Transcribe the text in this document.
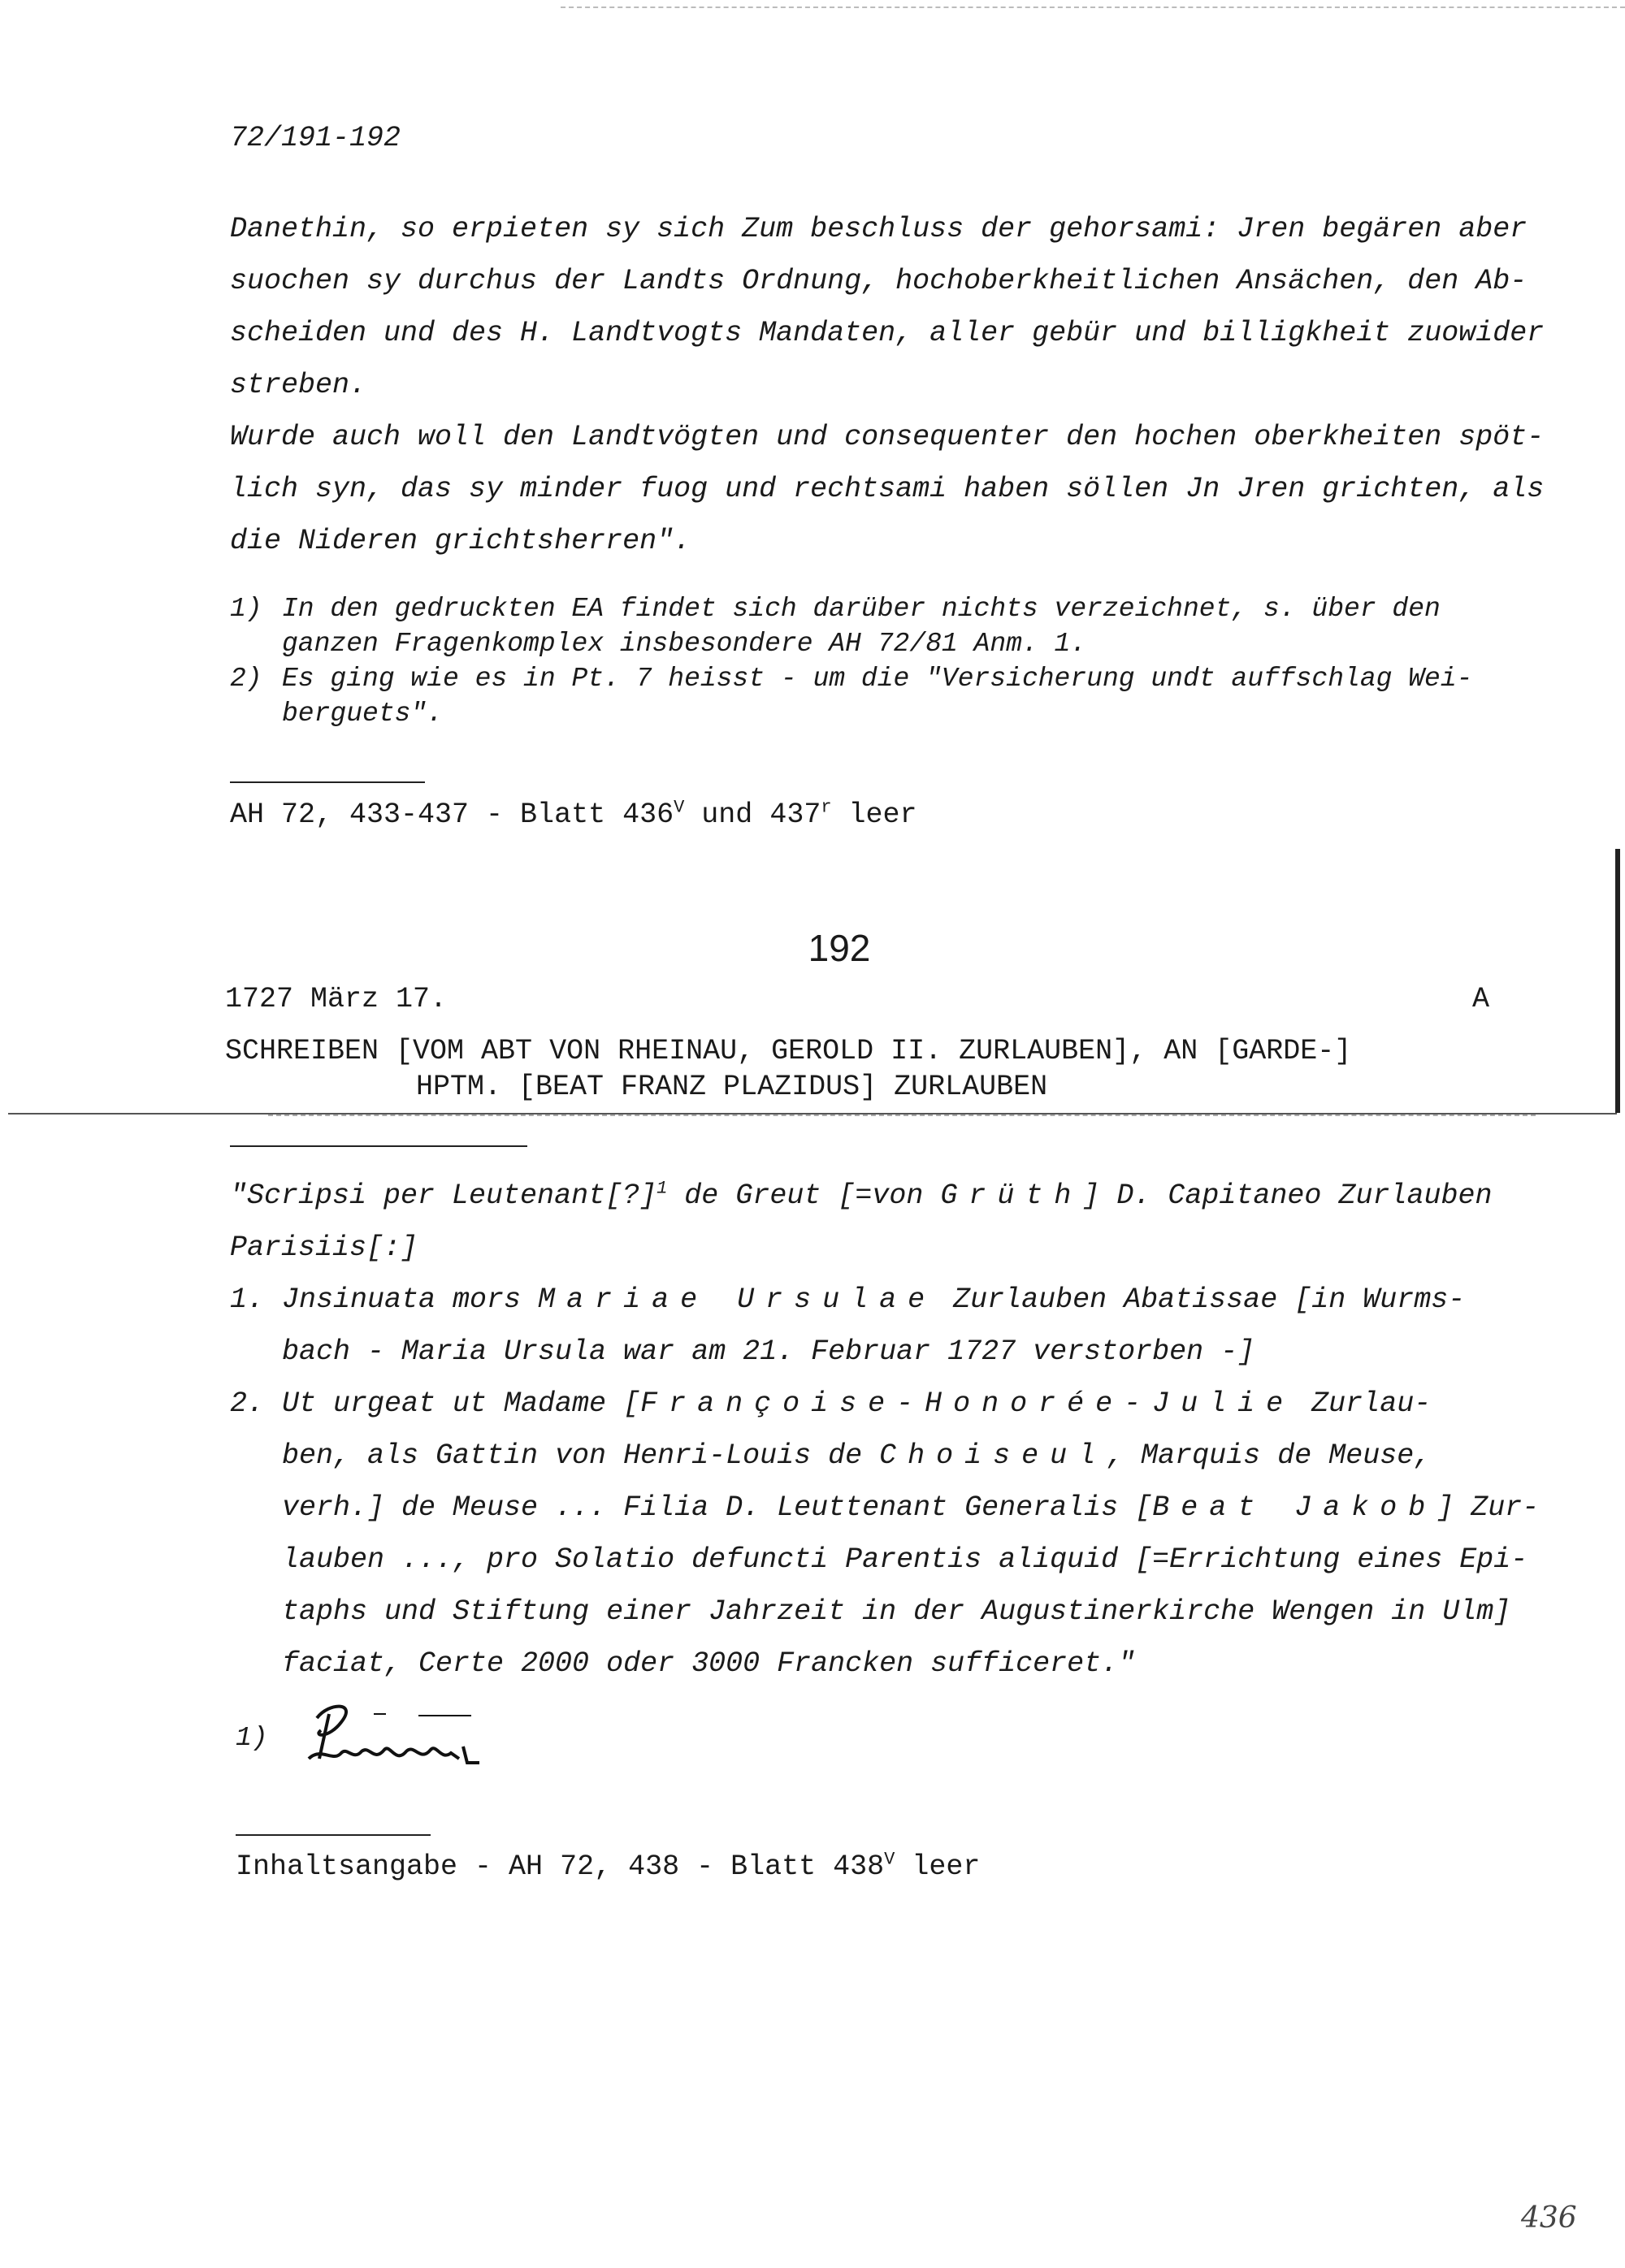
72/191-192
Danethin, so erpieten sy sich Zum beschluss der gehorsami: Jren begären aber
suochen sy durchus der Landts Ordnung, hochoberkheitlichen Ansächen, den Ab-
scheiden und des H. Landtvogts Mandaten, aller gebür und billigkheit zuowider
streben.
Wurde auch woll den Landtvögten und consequenter den hochen oberkheiten spöt-
lich syn, das sy minder fuog und rechtsami haben söllen Jn Jren grichten, als
die Nideren grichtsherren".
1) In den gedruckten EA findet sich darüber nichts verzeichnet, s. über den
ganzen Fragenkomplex insbesondere AH 72/81 Anm. 1.
2) Es ging wie es in Pt. 7 heisst - um die "Versicherung undt auffschlag Wei-
berguets".
AH 72, 433-437 - Blatt $436^V$ und 437$^r$ leer
192
1727 März 17.	A
SCHREIBEN [VOM ABT VON RHEINAU, GEROLD II. ZURLAUBEN], AN [GARDE-]
HPTM. [BEAT FRANZ PLAZIDUS] ZURLAUBEN
"Scripsi per Leutenant[?]$^1$ de Greut [=von Grüth] D. Capitaneo Zurlauben
Parisiis[:]
1. Jnsinuata mors Mariae Ursulae Zurlauben Abatissae [in Wurms-
bach - Maria Ursula war am 21. Februar 1727 verstorben -]
2. Ut urgeat ut Madame [Françoise-Honorée-Julie Zurlau-
ben, als Gattin von Henri-Louis de Choiseul, Marquis de Meuse,
verh.] de Meuse ... Filia D. Leuttenant Generalis [Beat Jakob] Zur-
lauben ..., pro Solatio defuncti Parentis aliquid [=Errichtung eines Epi-
taphs und Stiftung einer Jahrzeit in der Augustinerkirche Wengen in Ulm]
faciat, Certe 2000 oder 3000 Francken sufficeret."
1)
Inhaltsangabe - AH 72, 438 - Blatt $438^V$ leer
436
